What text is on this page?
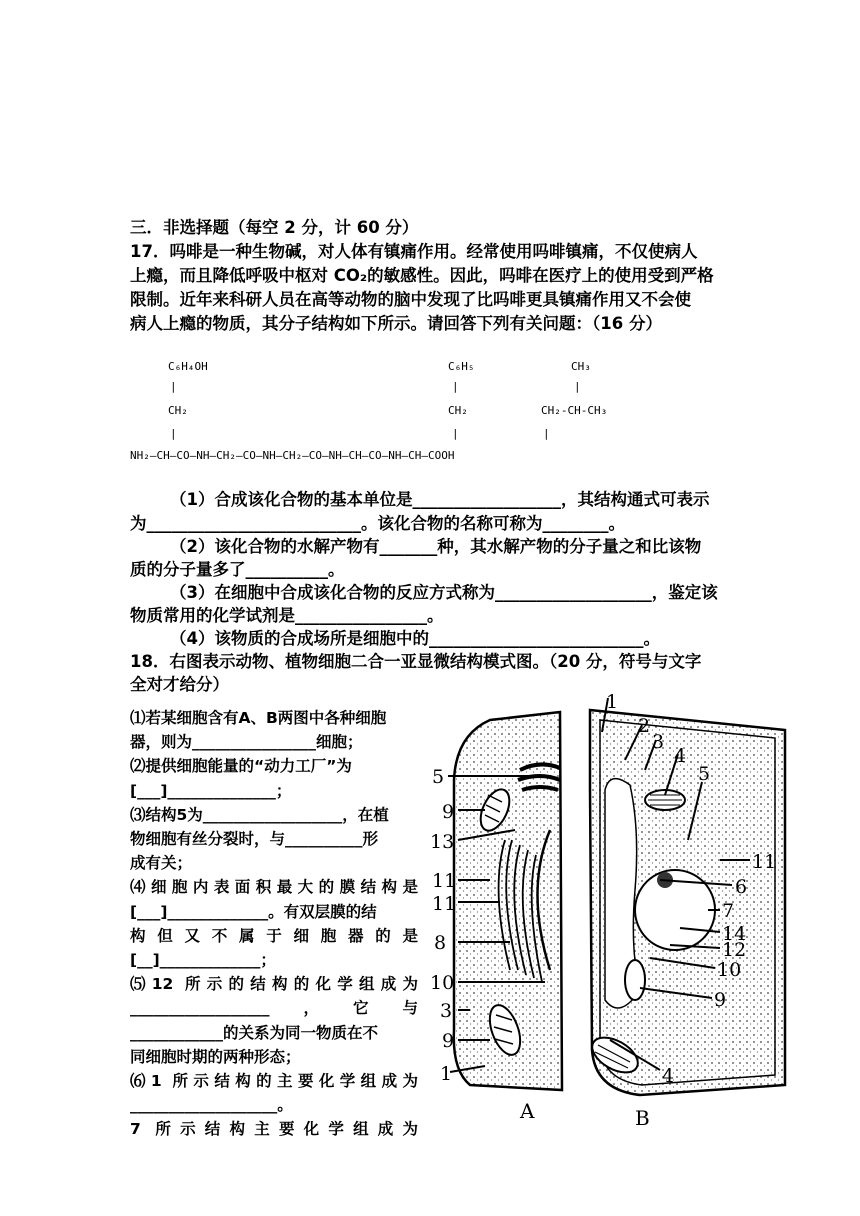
三．非选择题（每空 2 分，计 60 分）
17．吗啡是一种生物碱，对人体有镇痛作用。经常使用吗啡镇痛，不仅使病人
上瘾，而且降低呼吸中枢对 CO₂的敏感性。因此，吗啡在医疗上的使用受到严格
限制。近年来科研人员在高等动物的脑中发现了比吗啡更具镇痛作用又不会使
病人上瘾的物质，其分子结构如下所示。请回答下列有关问题：（16 分）
C₆H₄OH	C₆H₅	CH₃
|	|	|
CH₂	CH₂	CH₂-CH-CH₃
|	|	|
NH₂—CH—CO—NH—CH₂—CO—NH—CH₂—CO—NH—CH—CO—NH—CH—COOH
（1）合成该化合物的基本单位是__________________，其结构通式可表示
为__________________________。该化合物的名称可称为________。
（2）该化合物的水解产物有_______种，其水解产物的分子量之和比该物
质的分子量多了__________。
（3）在细胞中合成该化合物的反应方式称为___________________，鉴定该
物质常用的化学试剂是________________。
（4）该物质的合成场所是细胞中的__________________________。
18．右图表示动物、植物细胞二合一亚显微结构模式图。（20 分，符号与文字
全对才给分）
⑴若某细胞含有A、B两图中各种细胞
器，则为________________细胞；
⑵提供细胞能量的“动力工厂”为
[___]______________；
⑶结构5为__________________，在植
物细胞有丝分裂时，与__________形
成有关；
⑷细胞内表面积最大的膜结构是
[___]_____________。有双层膜的结
构但又不属于细胞器的是
[__]_____________；
⑸12 所示的结构的化学组成为
__________________，它与
____________的关系为同一物质在不
同细胞时期的两种形态；
⑹1 所示结构的主要化学组成为
___________________。
7 所示结构主要化学组成为
5
9
13
11
11
8
10
3
9
1
1
2
3
4
5
11
6
7
14
12
10
9
4
A	B
